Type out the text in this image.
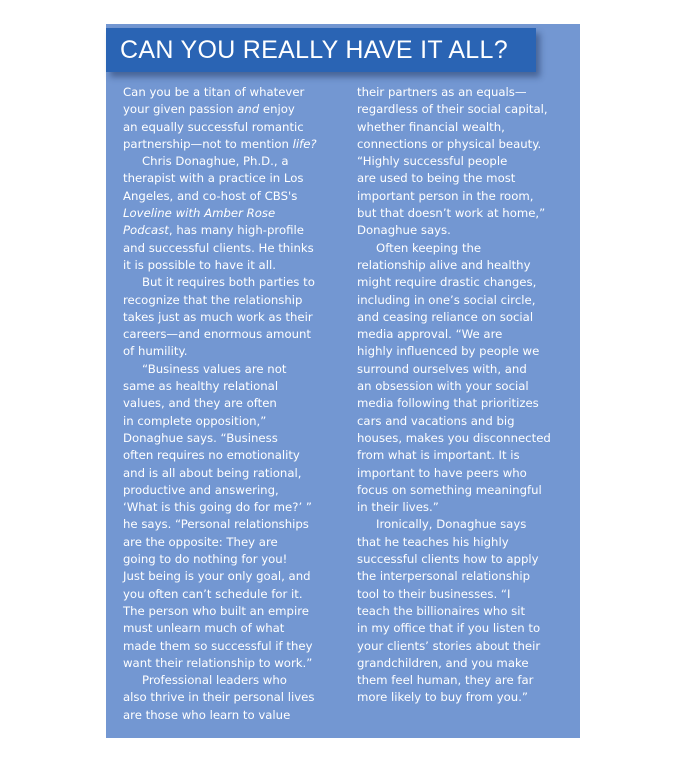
CAN YOU REALLY HAVE IT ALL?
Can you be a titan of whatever
your given passion and enjoy
an equally successful romantic
partnership—not to mention life?
Chris Donaghue, Ph.D., a
therapist with a practice in Los
Angeles, and co-host of CBS's
Loveline with Amber Rose
Podcast, has many high-profile
and successful clients. He thinks
it is possible to have it all.
But it requires both parties to
recognize that the relationship
takes just as much work as their
careers—and enormous amount
of humility.
“Business values are not
same as healthy relational
values, and they are often
in complete opposition,”
Donaghue says. “Business
often requires no emotionality
and is all about being rational,
productive and answering,
‘What is this going do for me?’ ”
he says. “Personal relationships
are the opposite: They are
going to do nothing for you!
Just being is your only goal, and
you often can’t schedule for it.
The person who built an empire
must unlearn much of what
made them so successful if they
want their relationship to work.”
Professional leaders who
also thrive in their personal lives
are those who learn to value
their partners as an equals—
regardless of their social capital,
whether financial wealth,
connections or physical beauty.
“Highly successful people
are used to being the most
important person in the room,
but that doesn’t work at home,”
Donaghue says.
Often keeping the
relationship alive and healthy
might require drastic changes,
including in one’s social circle,
and ceasing reliance on social
media approval. “We are
highly influenced by people we
surround ourselves with, and
an obsession with your social
media following that prioritizes
cars and vacations and big
houses, makes you disconnected
from what is important. It is
important to have peers who
focus on something meaningful
in their lives.”
Ironically, Donaghue says
that he teaches his highly
successful clients how to apply
the interpersonal relationship
tool to their businesses. “I
teach the billionaires who sit
in my office that if you listen to
your clients’ stories about their
grandchildren, and you make
them feel human, they are far
more likely to buy from you.”
